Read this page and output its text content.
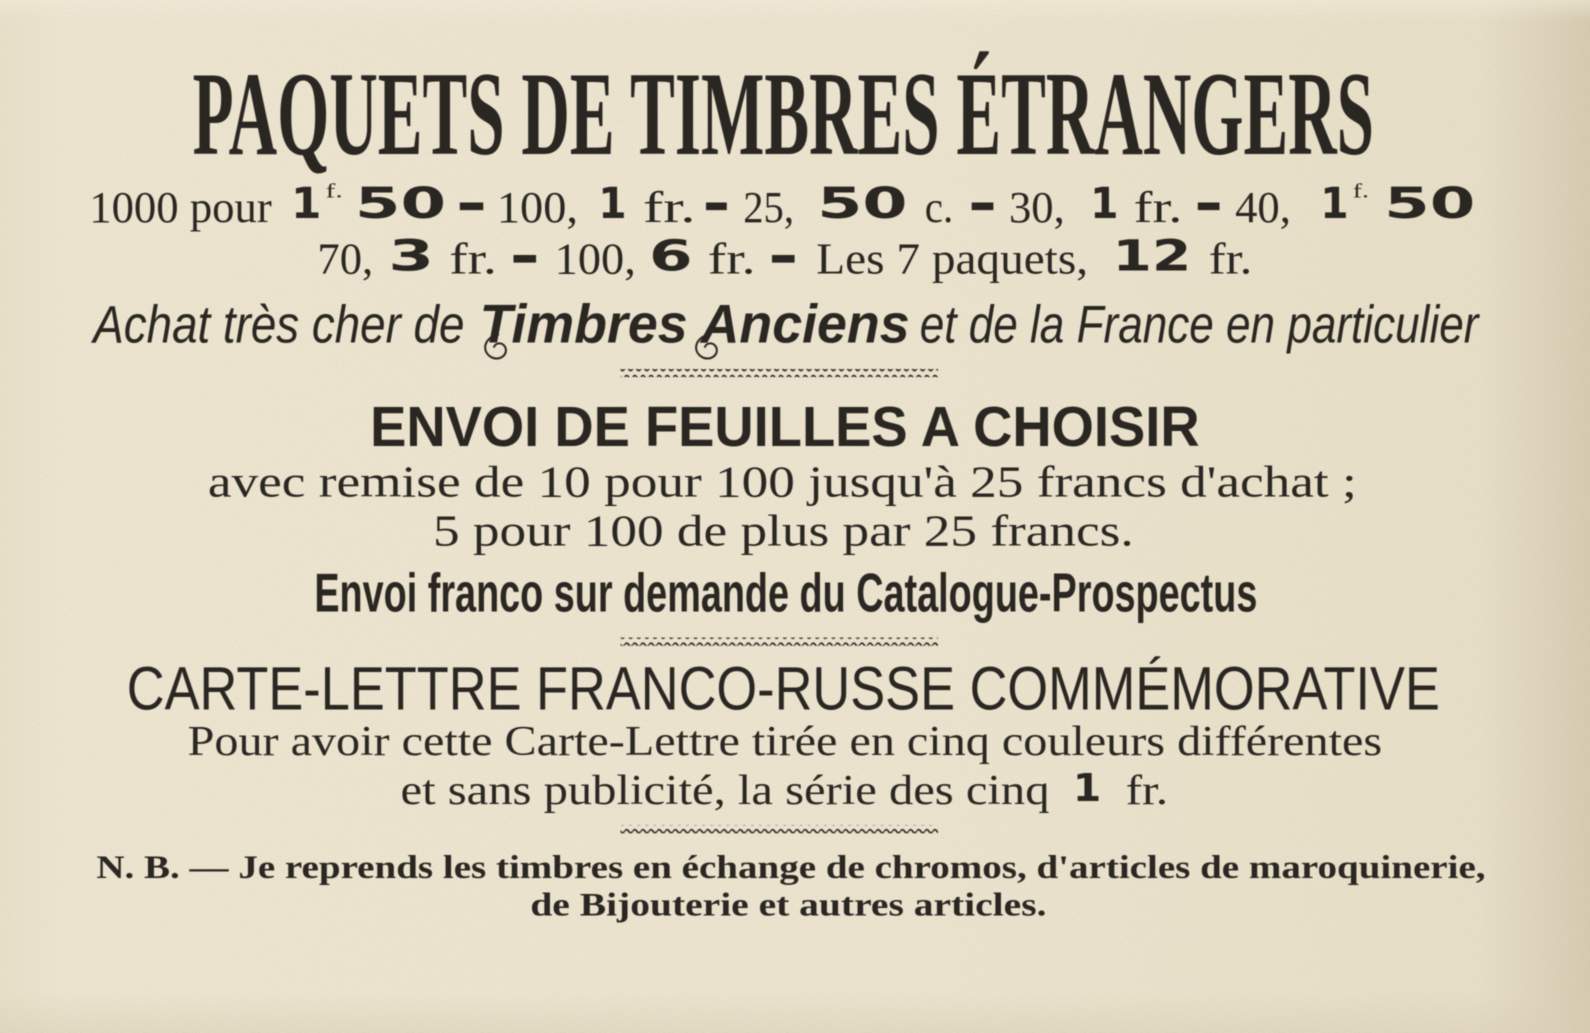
PAQUETS DE TIMBRES ÉTRANGERS
1000 pour 1 f. 50 – 100, 1 fr. – 25, 50 c. – 30, 1 fr. – 40, 1 f. 50
70, 3 fr. – 100, 6 fr. – Les 7 paquets, 12 fr.
Achat très cher de Timbres Anciens et de la France en particulier
ENVOI DE FEUILLES A CHOISIR
avec remise de 10 pour 100 jusqu'à 25 francs d'achat ;
5 pour 100 de plus par 25 francs.
Envoi franco sur demande du Catalogue-Prospectus
CARTE-LETTRE FRANCO-RUSSE COMMÉMORATIVE
Pour avoir cette Carte-Lettre tirée en cinq couleurs différentes
et sans publicité, la série des cinq 1 fr.
N. B. — Je reprends les timbres en échange de chromos, d'articles de maroquinerie,
de Bijouterie et autres articles.
